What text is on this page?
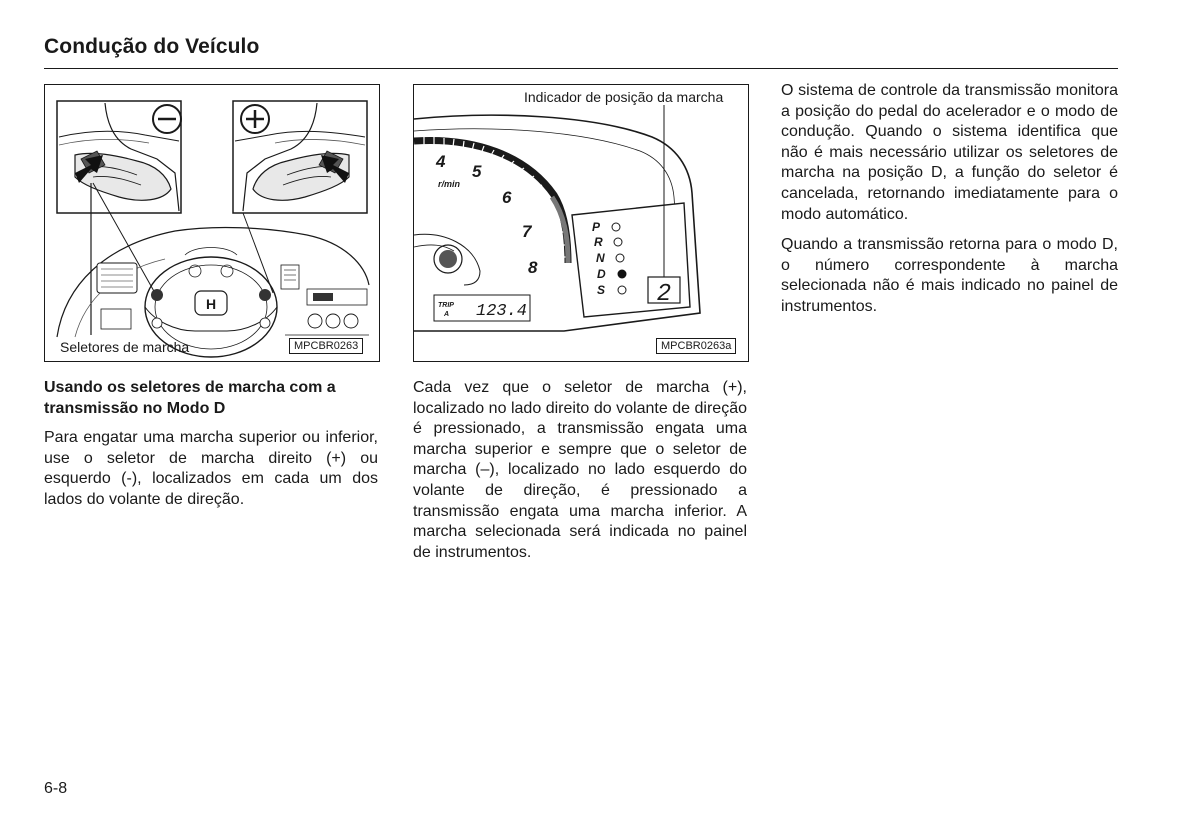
Condução do Veículo
H
Seletores de marcha	MPCBR0263
4
5
6
7
8
r/min
TRIP
A 123.4
P
R
N
D
S 2
Indicador de posição da marcha
MPCBR0263a
Usando os seletores de marcha com a transmissão no Modo D

Para engatar uma marcha superior ou inferior, use o seletor de marcha direito (+) ou esquerdo (-), localizados em cada um dos lados do volante de direção.

Cada vez que o seletor de marcha (+), localizado no lado direito do volante de direção é pressionado, a transmissão engata uma marcha superior e sempre que o seletor de marcha (–), localizado no lado esquerdo do volante de direção, é pressionado a transmissão engata uma marcha inferior. A marcha selecionada será indicada no painel de instrumentos.

O sistema de controle da transmissão monitora a posição do pedal do acelerador e o modo de condução. Quando o sistema identifica que não é mais necessário utilizar os seletores de marcha na posição D, a função do seletor é cancelada, retornando imediatamente para o modo automático.

Quando a transmissão retorna para o modo D, o número correspondente à marcha selecionada não é mais indicado no painel de instrumentos.

6-8
